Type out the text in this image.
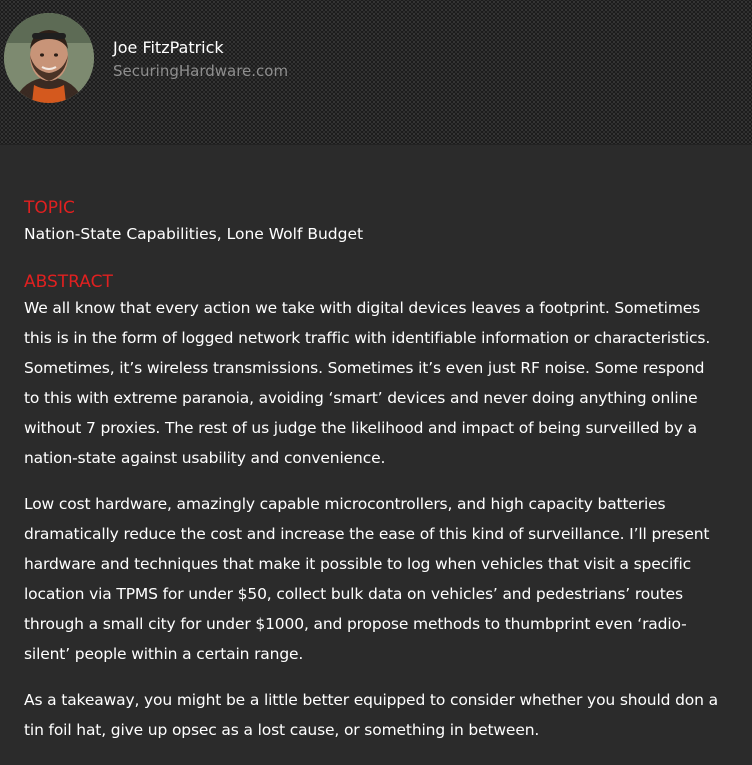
Joe FitzPatrick
SecuringHardware.com

TOPIC

Nation-State Capabilities, Lone Wolf Budget

ABSTRACT

We all know that every action we take with digital devices leaves a footprint. Sometimes this is in the form of logged network traffic with identifiable information or characteristics. Sometimes, it’s wireless transmissions. Sometimes it’s even just RF noise. Some respond to this with extreme paranoia, avoiding ‘smart’ devices and never doing anything online without 7 proxies. The rest of us judge the likelihood and impact of being surveilled by a nation-state against usability and convenience.

Low cost hardware, amazingly capable microcontrollers, and high capacity batteries dramatically reduce the cost and increase the ease of this kind of surveillance. I’ll present hardware and techniques that make it possible to log when vehicles that visit a specific location via TPMS for under $50, collect bulk data on vehicles’ and pedestrians’ routes through a small city for under $1000, and propose methods to thumbprint even ‘radio-silent’ people within a certain range.

As a takeaway, you might be a little better equipped to consider whether you should don a tin foil hat, give up opsec as a lost cause, or something in between.
